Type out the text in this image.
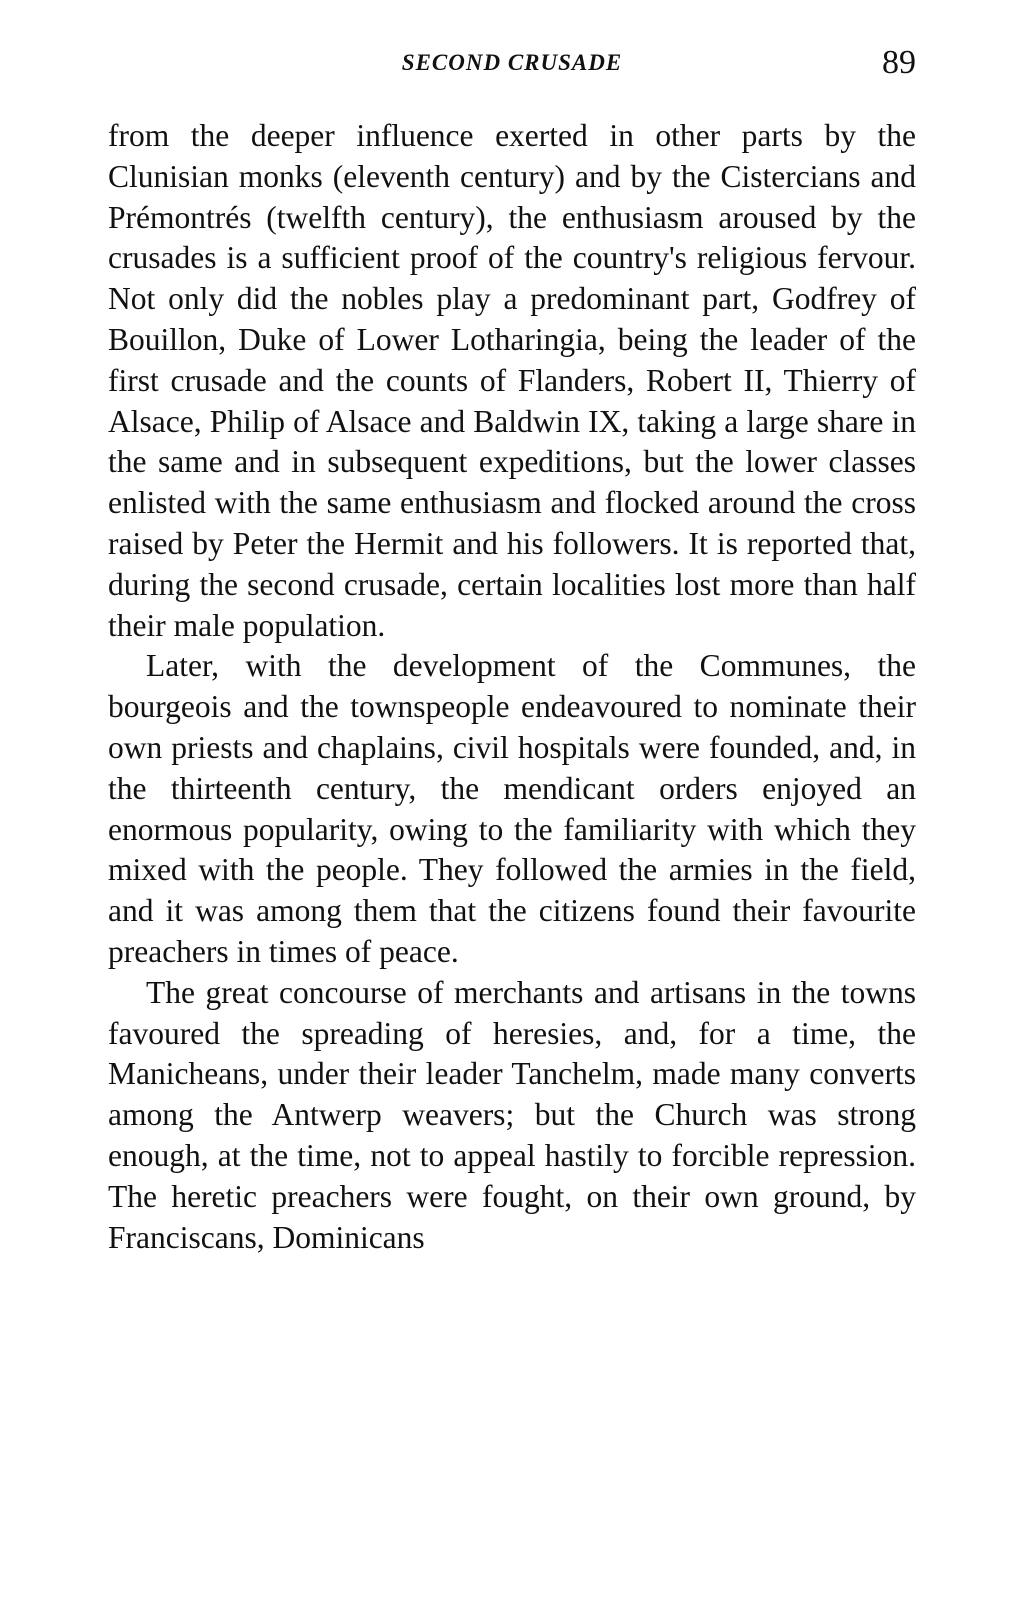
SECOND CRUSADE	89

from the deeper influence exerted in other parts by the Clunisian monks (eleventh century) and by the Cistercians and Prémontrés (twelfth century), the enthusiasm aroused by the crusades is a sufficient proof of the country's religious fervour. Not only did the nobles play a predominant part, Godfrey of Bouillon, Duke of Lower Lotharingia, being the leader of the first crusade and the counts of Flanders, Robert II, Thierry of Alsace, Philip of Alsace and Baldwin IX, taking a large share in the same and in subsequent expeditions, but the lower classes enlisted with the same enthusiasm and flocked around the cross raised by Peter the Hermit and his followers. It is reported that, during the second crusade, certain localities lost more than half their male population.

Later, with the development of the Communes, the bourgeois and the townspeople endeavoured to nominate their own priests and chaplains, civil hospitals were founded, and, in the thirteenth century, the mendicant orders enjoyed an enormous popularity, owing to the familiarity with which they mixed with the people. They followed the armies in the field, and it was among them that the citizens found their favourite preachers in times of peace.

The great concourse of merchants and artisans in the towns favoured the spreading of heresies, and, for a time, the Manicheans, under their leader Tanchelm, made many converts among the Antwerp weavers; but the Church was strong enough, at the time, not to appeal hastily to forcible repression. The heretic preachers were fought, on their own ground, by Franciscans, Dominicans
